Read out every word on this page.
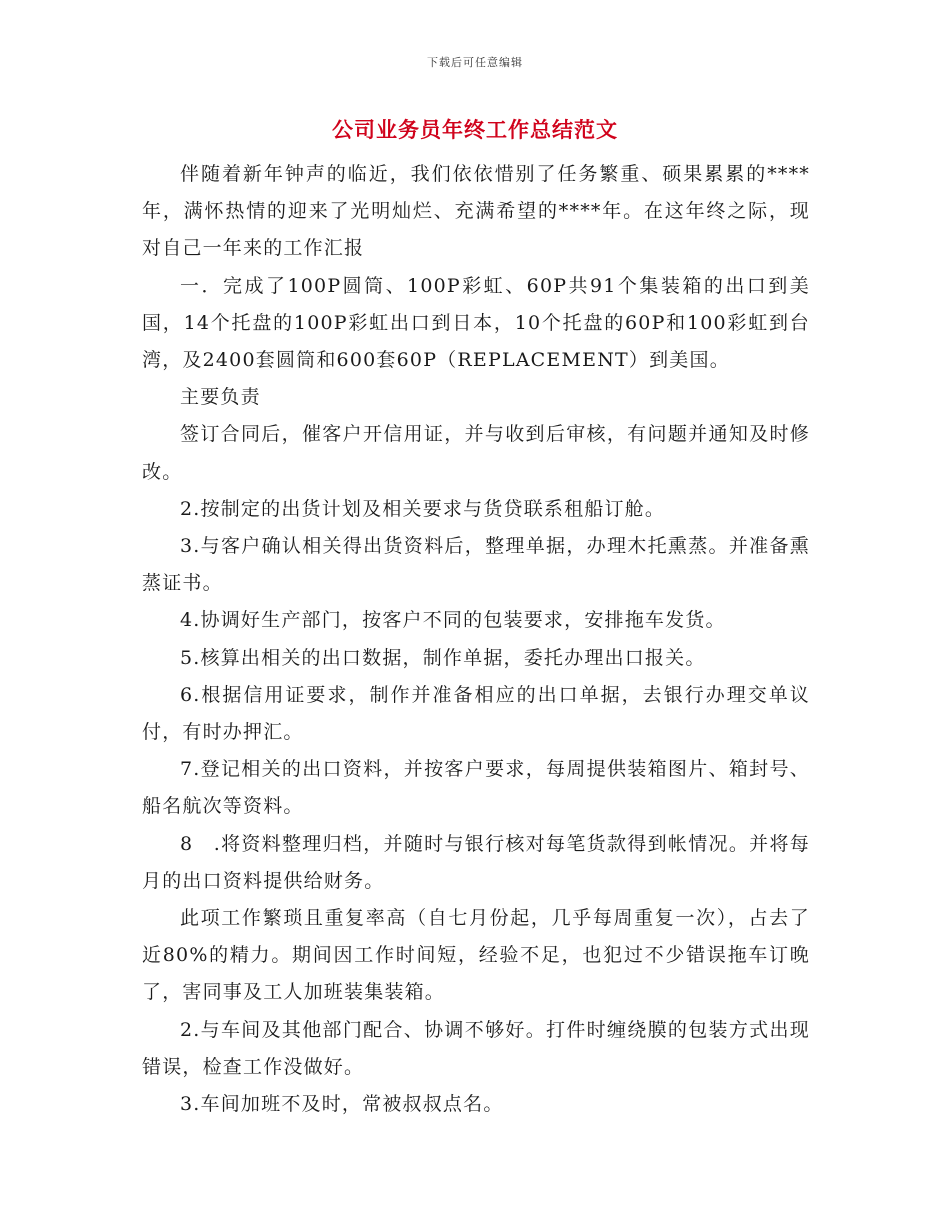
下载后可任意编辑
公司业务员年终工作总结范文

伴随着新年钟声的临近，我们依依惜别了任务繁重、硕果累累的****年，满怀热情的迎来了光明灿烂、充满希望的****年。在这年终之际，现对自己一年来的工作汇报

一．完成了100P圆筒、100P彩虹、60P共91个集装箱的出口到美国，14个托盘的100P彩虹出口到日本，10个托盘的60P和100彩虹到台湾，及2400套圆筒和600套60P（REPLACEMENT）到美国。

主要负责

签订合同后，催客户开信用证，并与收到后审核，有问题并通知及时修改。

2.按制定的出货计划及相关要求与货贷联系租船订舱。

3.与客户确认相关得出货资料后，整理单据，办理木托熏蒸。并准备熏蒸证书。

4.协调好生产部门，按客户不同的包装要求，安排拖车发货。

5.核算出相关的出口数据，制作单据，委托办理出口报关。

6.根据信用证要求，制作并准备相应的出口单据，去银行办理交单议付，有时办押汇。

7.登记相关的出口资料，并按客户要求，每周提供装箱图片、箱封号、船名航次等资料。

8　.将资料整理归档，并随时与银行核对每笔货款得到帐情况。并将每月的出口资料提供给财务。

此项工作繁琐且重复率高（自七月份起，几乎每周重复一次），占去了近80%的精力。期间因工作时间短，经验不足，也犯过不少错误拖车订晚了，害同事及工人加班装集装箱。

2.与车间及其他部门配合、协调不够好。打件时缠绕膜的包装方式出现错误，检查工作没做好。

3.车间加班不及时，常被叔叔点名。
